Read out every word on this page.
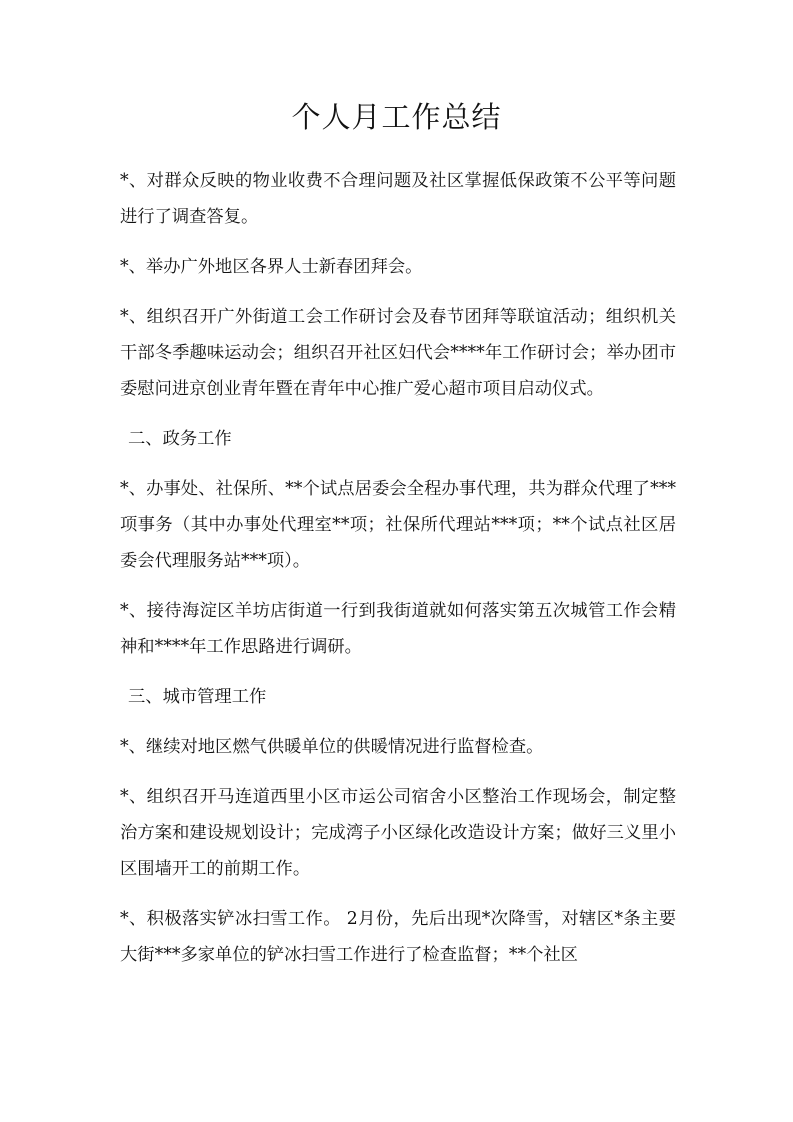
个人月工作总结

*、对群众反映的物业收费不合理问题及社区掌握低保政策不公平等问题进行了调查答复。

*、举办广外地区各界人士新春团拜会。

*、组织召开广外街道工会工作研讨会及春节团拜等联谊活动；组织机关干部冬季趣味运动会；组织召开社区妇代会****年工作研讨会；举办团市委慰问进京创业青年暨在青年中心推广爱心超市项目启动仪式。

二、政务工作

*、办事处、社保所、**个试点居委会全程办事代理，共为群众代理了***项事务（其中办事处代理室**项；社保所代理站***项；**个试点社区居委会代理服务站***项）。

*、接待海淀区羊坊店街道一行到我街道就如何落实第五次城管工作会精神和****年工作思路进行调研。

三、城市管理工作

*、继续对地区燃气供暖单位的供暖情况进行监督检查。

*、组织召开马连道西里小区市运公司宿舍小区整治工作现场会，制定整治方案和建设规划设计；完成湾子小区绿化改造设计方案；做好三义里小区围墙开工的前期工作。

*、积极落实铲冰扫雪工作。 2月份，先后出现*次降雪，对辖区*条主要大街***多家单位的铲冰扫雪工作进行了检查监督；**个社区
